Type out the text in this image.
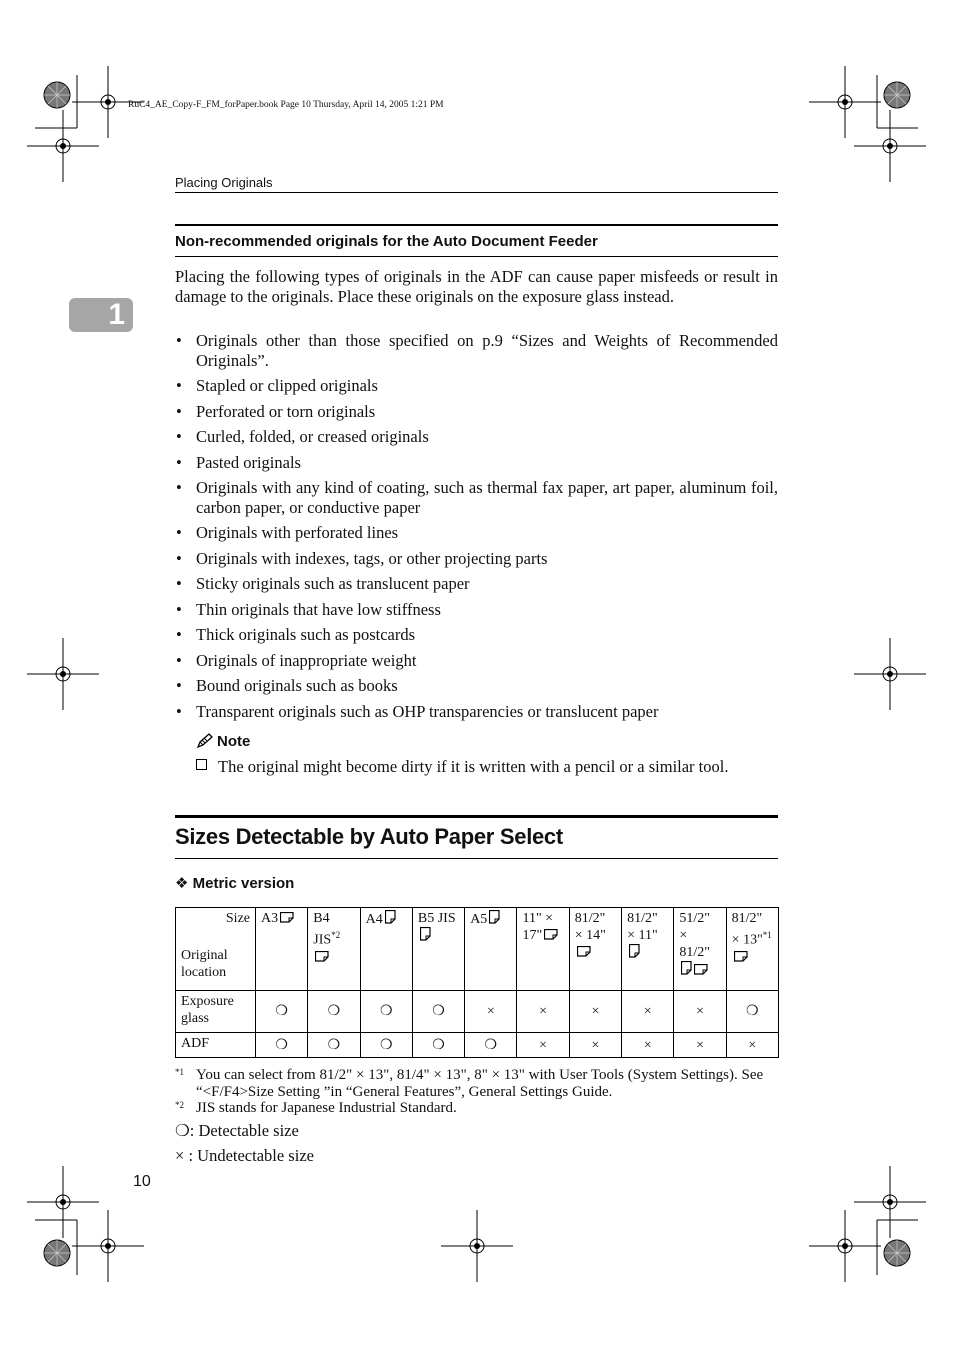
RuC4_AE_Copy-F_FM_forPaper.book Page 10 Thursday, April 14, 2005 1:21 PM
Placing Originals
1
Non-recommended originals for the Auto Document Feeder
Placing the following types of originals in the ADF can cause paper misfeeds or result in damage to the originals. Place these originals on the exposure glass instead.
• Originals other than those specified on p.9 “Sizes and Weights of Recommended Originals”.
• Stapled or clipped originals
• Perforated or torn originals
• Curled, folded, or creased originals
• Pasted originals
• Originals with any kind of coating, such as thermal fax paper, art paper, aluminum foil, carbon paper, or conductive paper
• Originals with perforated lines
• Originals with indexes, tags, or other projecting parts
• Sticky originals such as translucent paper
• Thin originals that have low stiffness
• Thick originals such as postcards
• Originals of inappropriate weight
• Bound originals such as books
• Transparent originals such as OHP transparencies or translucent paper
Note
The original might become dirty if it is written with a pencil or a similar tool.
Sizes Detectable by Auto Paper Select
❖ Metric version
Size
Original location	A3	B4 JIS$^{*2}$	A4	B5 JIS	A5	11" × 17"	81/2" × 14"	81/2" × 11"	51/2" × 81/2"	81/2" × 13"$^{*1}$
Exposure glass	❍	❍	❍	❍	×	×	×	×	×	❍
ADF	❍	❍	❍	❍	❍	×	×	×	×	×
*1 You can select from 81/2" × 13", 81/4" × 13", 8" × 13" with User Tools (System Settings). See “<F/F4>Size Setting ”in “General Features”, General Settings Guide.
*2 JIS stands for Japanese Industrial Standard.
❍: Detectable size
× : Undetectable size
10
